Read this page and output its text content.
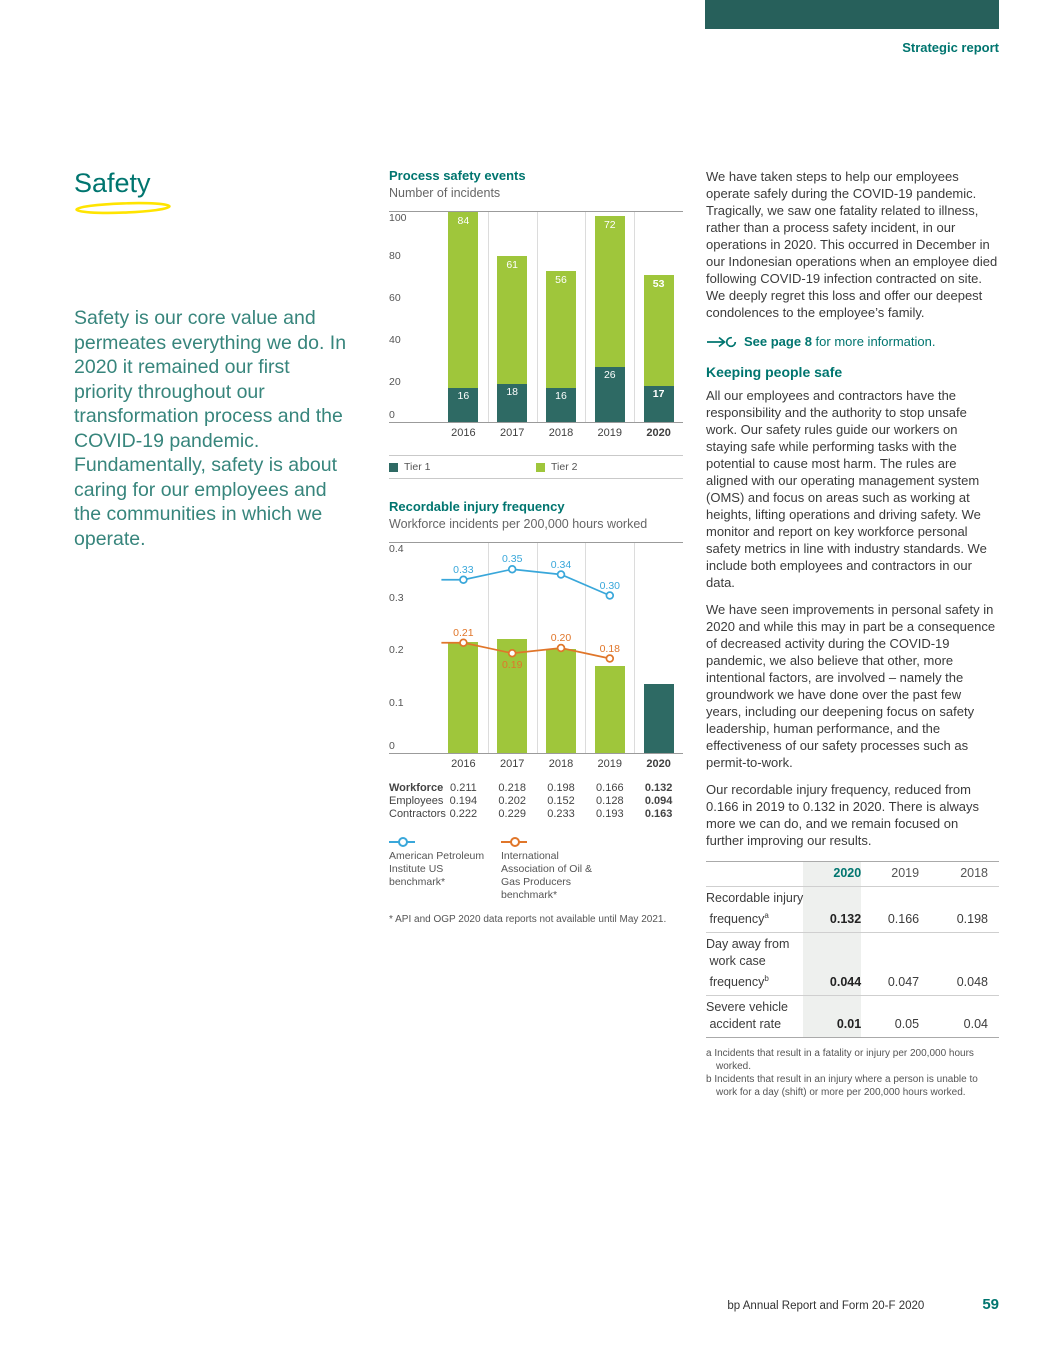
Strategic report
Safety

Safety is our core value and permeates everything we do. In 2020 it remained our first priority throughout our transformation process and the COVID-19 pandemic. Fundamentally, safety is about caring for our employees and the communities in which we operate.

Process safety events
Number of incidents
0
20
40
60
80
100	84
16
61
18
56
16
72
26
53
17
2016	2017	2018	2019	2020
Tier 1	Tier 2
Recordable injury frequency
Workforce incidents per 200,000 hours worked
0
0.1
0.2
0.3
0.4
0.33
0.35	0.34
0.30
0.21
0.19
0.20
0.18
2016	2017	2018	2019	2020
Workforce 0.211	0.218	0.198	0.166	0.132
Employees 0.194	0.202	0.152	0.128	0.094
Contractors 0.222	0.229	0.233	0.193	0.163
American Petroleum Institute US benchmark*
International Association of Oil & Gas Producers benchmark*
* API and OGP 2020 data reports not available until May 2021.

We have taken steps to help our employees operate safely during the COVID-19 pandemic. Tragically, we saw one fatality related to illness, rather than a process safety incident, in our operations in 2020. This occurred in December in our Indonesian operations when an employee died following COVID-19 infection contracted on site. We deeply regret this loss and offer our deepest condolences to the employee’s family.

See page 8 for more information.
Keeping people safe

All our employees and contractors have the responsibility and the authority to stop unsafe work. Our safety rules guide our workers on staying safe while performing tasks with the potential to cause most harm. The rules are aligned with our operating management system (OMS) and focus on areas such as working at heights, lifting operations and driving safety. We monitor and report on key workforce personal safety metrics in line with industry standards. We include both employees and contractors in our data.

We have seen improvements in personal safety in 2020 and while this may in part be a consequence of decreased activity during the COVID-19 pandemic, we also believe that other, more intentional factors, are involved – namely the groundwork we have done over the past few years, including our deepening focus on safety leadership, human performance, and the effectiveness of our safety processes such as permit-to-work.

Our recordable injury frequency, reduced from 0.166 in 2019 to 0.132 in 2020. There is always more we can do, and we remain focused on further improving our results.

	2020	2019	2018

Recordable injury
frequency$^a$	0.132	0.166	0.198

Day away from
work case
frequency$^b$	0.044	0.047	0.048

Severe vehicle
accident rate	0.01	0.05	0.04
a Incidents that result in a fatality or injury per 200,000 hours worked.
b Incidents that result in an injury where a person is unable to work for a day (shift) or more per 200,000 hours worked.
bp Annual Report and Form 20-F 2020	59
